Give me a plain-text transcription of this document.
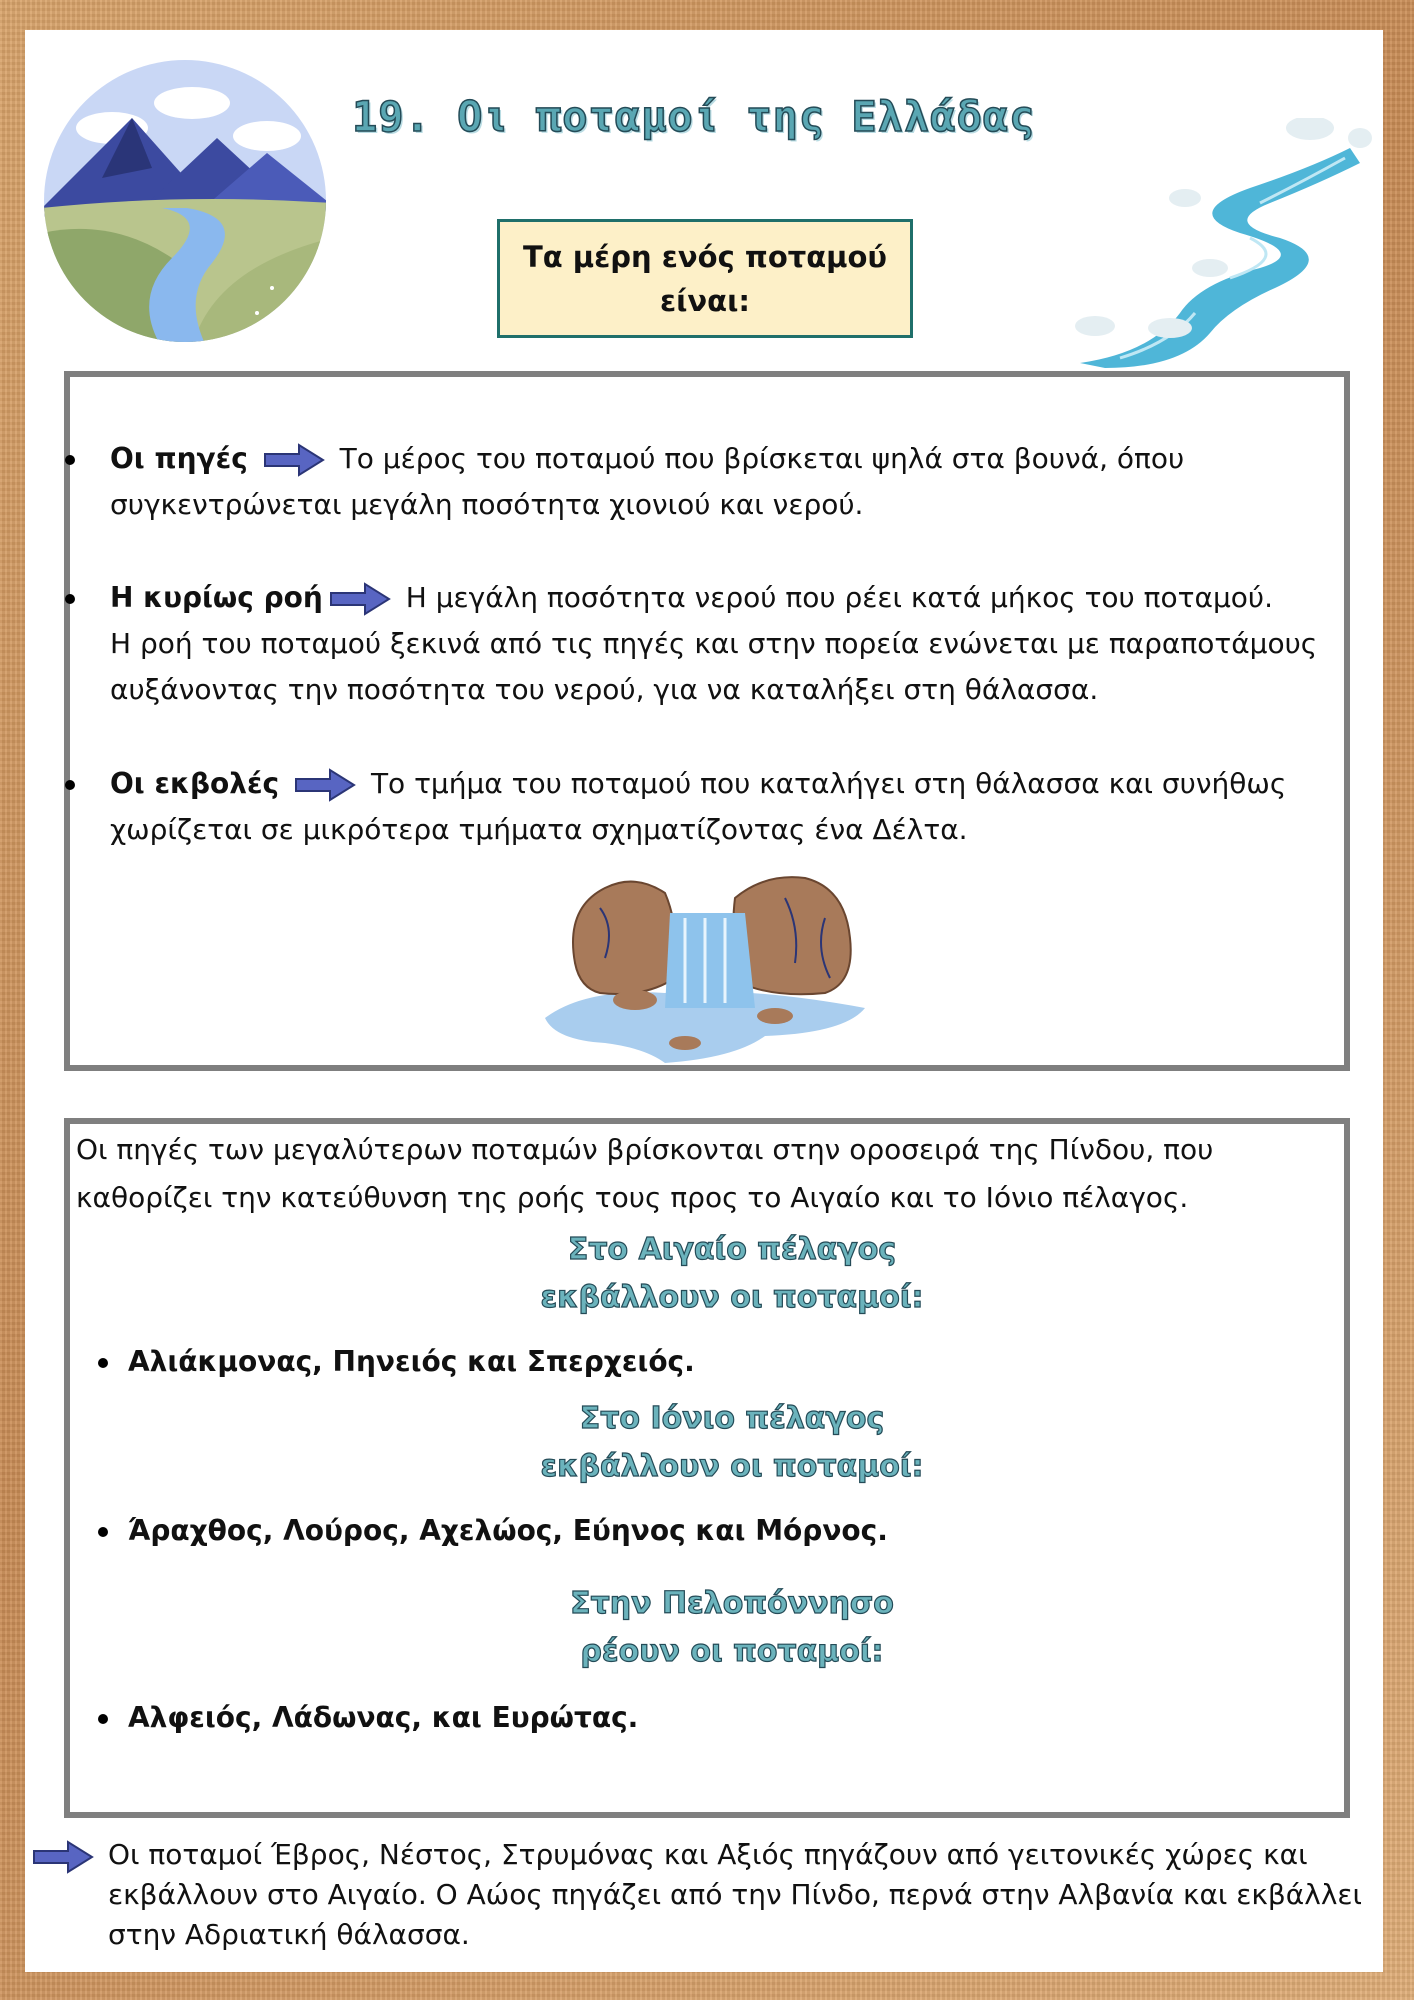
19. Οι ποταμοί της Ελλάδας
Τα μέρη ενός ποταμού είναι:
Οι πηγές	Το μέρος του ποταμού που βρίσκεται ψηλά στα βουνά, όπου
συγκεντρώνεται μεγάλη ποσότητα χιονιού και νερού.
Η κυρίως ροή	Η μεγάλη ποσότητα νερού που ρέει κατά μήκος του ποταμού.
Η ροή του ποταμού ξεκινά από τις πηγές και στην πορεία ενώνεται με παραποτάμους αυξάνοντας την ποσότητα του νερού, για να καταλήξει στη θάλασσα.
Οι εκβολές	Το τμήμα του ποταμού που καταλήγει στη θάλασσα και συνήθως
χωρίζεται σε μικρότερα τμήματα σχηματίζοντας ένα Δέλτα.
Οι πηγές των μεγαλύτερων ποταμών βρίσκονται στην οροσειρά της Πίνδου, που καθορίζει την κατεύθυνση της ροής τους προς το Αιγαίο και το Ιόνιο πέλαγος.
Στο Αιγαίο πέλαγος
εκβάλλουν οι ποταμοί:
Αλιάκμονας, Πηνειός και Σπερχειός.
Στο Ιόνιο πέλαγος
εκβάλλουν οι ποταμοί:
Άραχθος, Λούρος, Αχελώος, Εύηνος και Μόρνος.
Στην Πελοπόννησο
ρέουν οι ποταμοί:
Αλφειός, Λάδωνας, και Ευρώτας.
Οι ποταμοί Έβρος, Νέστος, Στρυμόνας και Αξιός πηγάζουν από γειτονικές χώρες και εκβάλλουν στο Αιγαίο. Ο Αώος πηγάζει από την Πίνδο, περνά στην Αλβανία και εκβάλλει στην Αδριατική θάλασσα.
